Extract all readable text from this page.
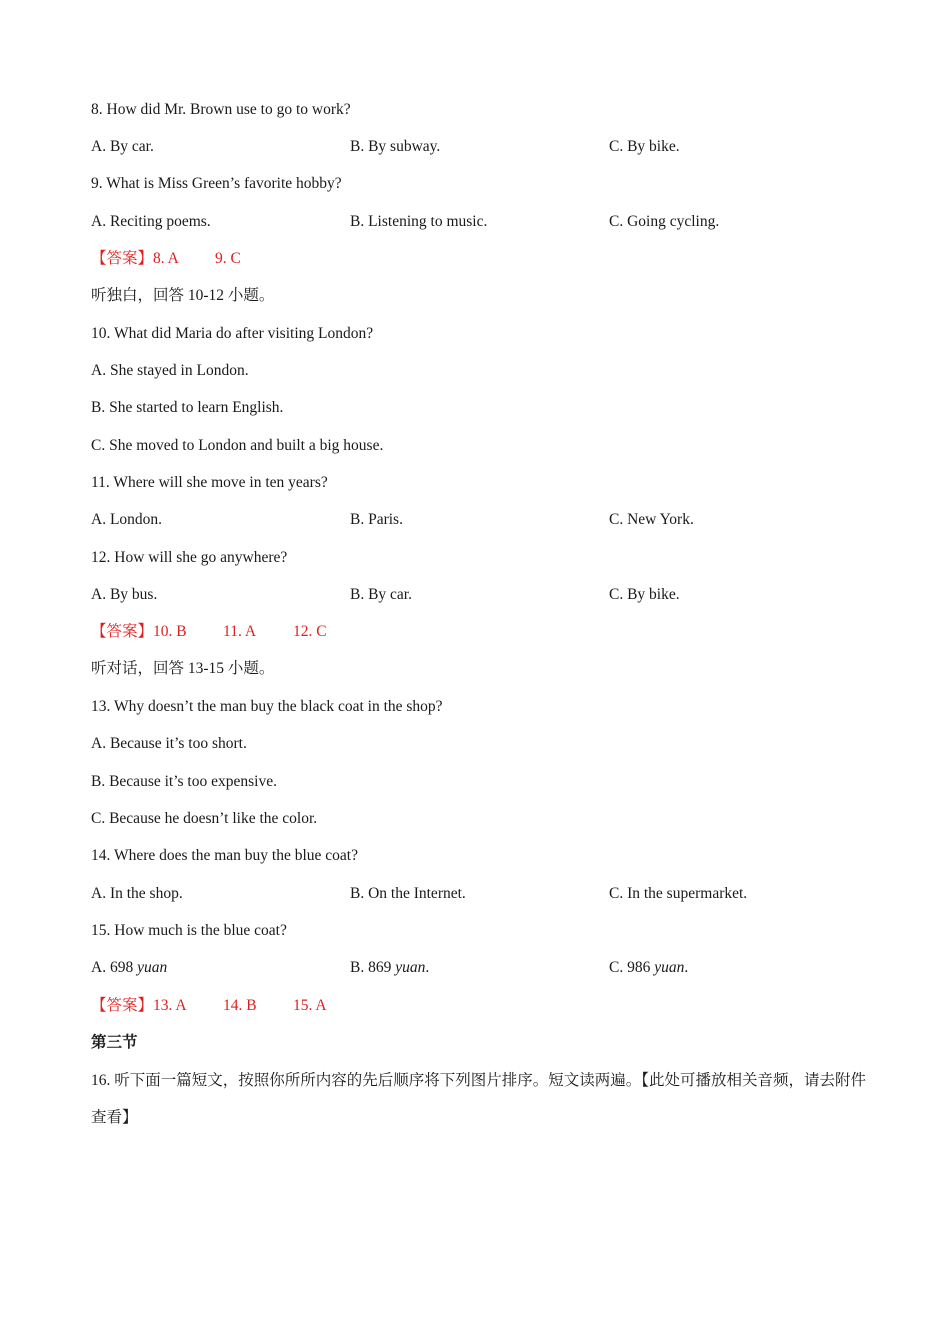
8. How did Mr. Brown use to go to work?
A. By car.	B. By subway.	C. By bike.
9. What is Miss Green’s favorite hobby?
A. Reciting poems.	B. Listening to music.	C. Going cycling.
【答案】8. A 9. C
听独白，回答 10-12 小题。
10. What did Maria do after visiting London?
A. She stayed in London.
B. She started to learn English.
C. She moved to London and built a big house.
11. Where will she move in ten years?
A. London.	B. Paris.	C. New York.
12. How will she go anywhere?
A. By bus.	B. By car.	C. By bike.
【答案】10. B 11. A 12. C
听对话，回答 13-15 小题。
13. Why doesn’t the man buy the black coat in the shop?
A. Because it’s too short.
B. Because it’s too expensive.
C. Because he doesn’t like the color.
14. Where does the man buy the blue coat?
A. In the shop.	B. On the Internet.	C. In the supermarket.
15. How much is the blue coat?
A. 698 yuan	B. 869 yuan.	C. 986 yuan.
【答案】13. A 14. B 15. A
第三节
16. 听下面一篇短文，按照你所所内容的先后顺序将下列图片排序。短文读两遍。【此处可播放相关音频，请去附件查看】
